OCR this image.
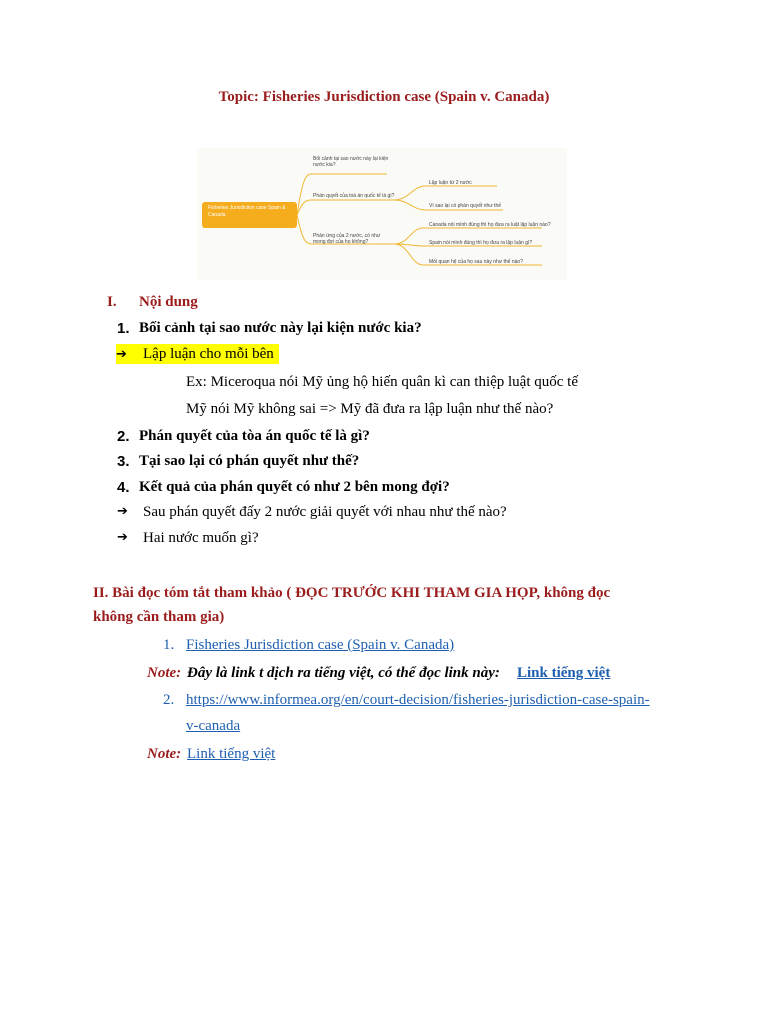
Topic: Fisheries Jurisdiction case (Spain v. Canada)
Fisheries Jurisdiction case Spain & Canada
Bối cảnh tại sao nước này lại kiện nước kia?
Phán quyết của toà án quốc tế là gì?
Lập luận từ 2 nước
Vì sao lại có phán quyết như thế
Phản ứng của 2 nước, có như mong đợi của họ không?
Canada nói mình đúng thì họ đưa ra luật lập luận nào?
Spain nói mình đúng thì họ đưa ra lập luận gì?
Mối quan hệ của họ sau này như thế nào?
I. Nội dung
1. Bối cảnh tại sao nước này lại kiện nước kia?
➔ Lập luận cho mỗi bên
Ex: Miceroqua nói Mỹ ủng hộ hiến quân kì can thiệp luật quốc tế
Mỹ nói Mỹ không sai => Mỹ đã đưa ra lập luận như thế nào?
2. Phán quyết của tòa án quốc tế là gì?
3. Tại sao lại có phán quyết như thế?
4. Kết quả của phán quyết có như 2 bên mong đợi?
➔ Sau phán quyết đấy 2 nước giải quyết với nhau như thế nào?
➔ Hai nước muốn gì?
II. Bài đọc tóm tắt tham khảo ( ĐỌC TRƯỚC KHI THAM GIA HỌP, không đọc
không cần tham gia)
1. Fisheries Jurisdiction case (Spain v. Canada)
Note: Đây là link t dịch ra tiếng việt, có thể đọc link này: Link tiếng việt
2. https://www.informea.org/en/court-decision/fisheries-jurisdiction-case-spain-
v-canada
Note: Link tiếng việt
